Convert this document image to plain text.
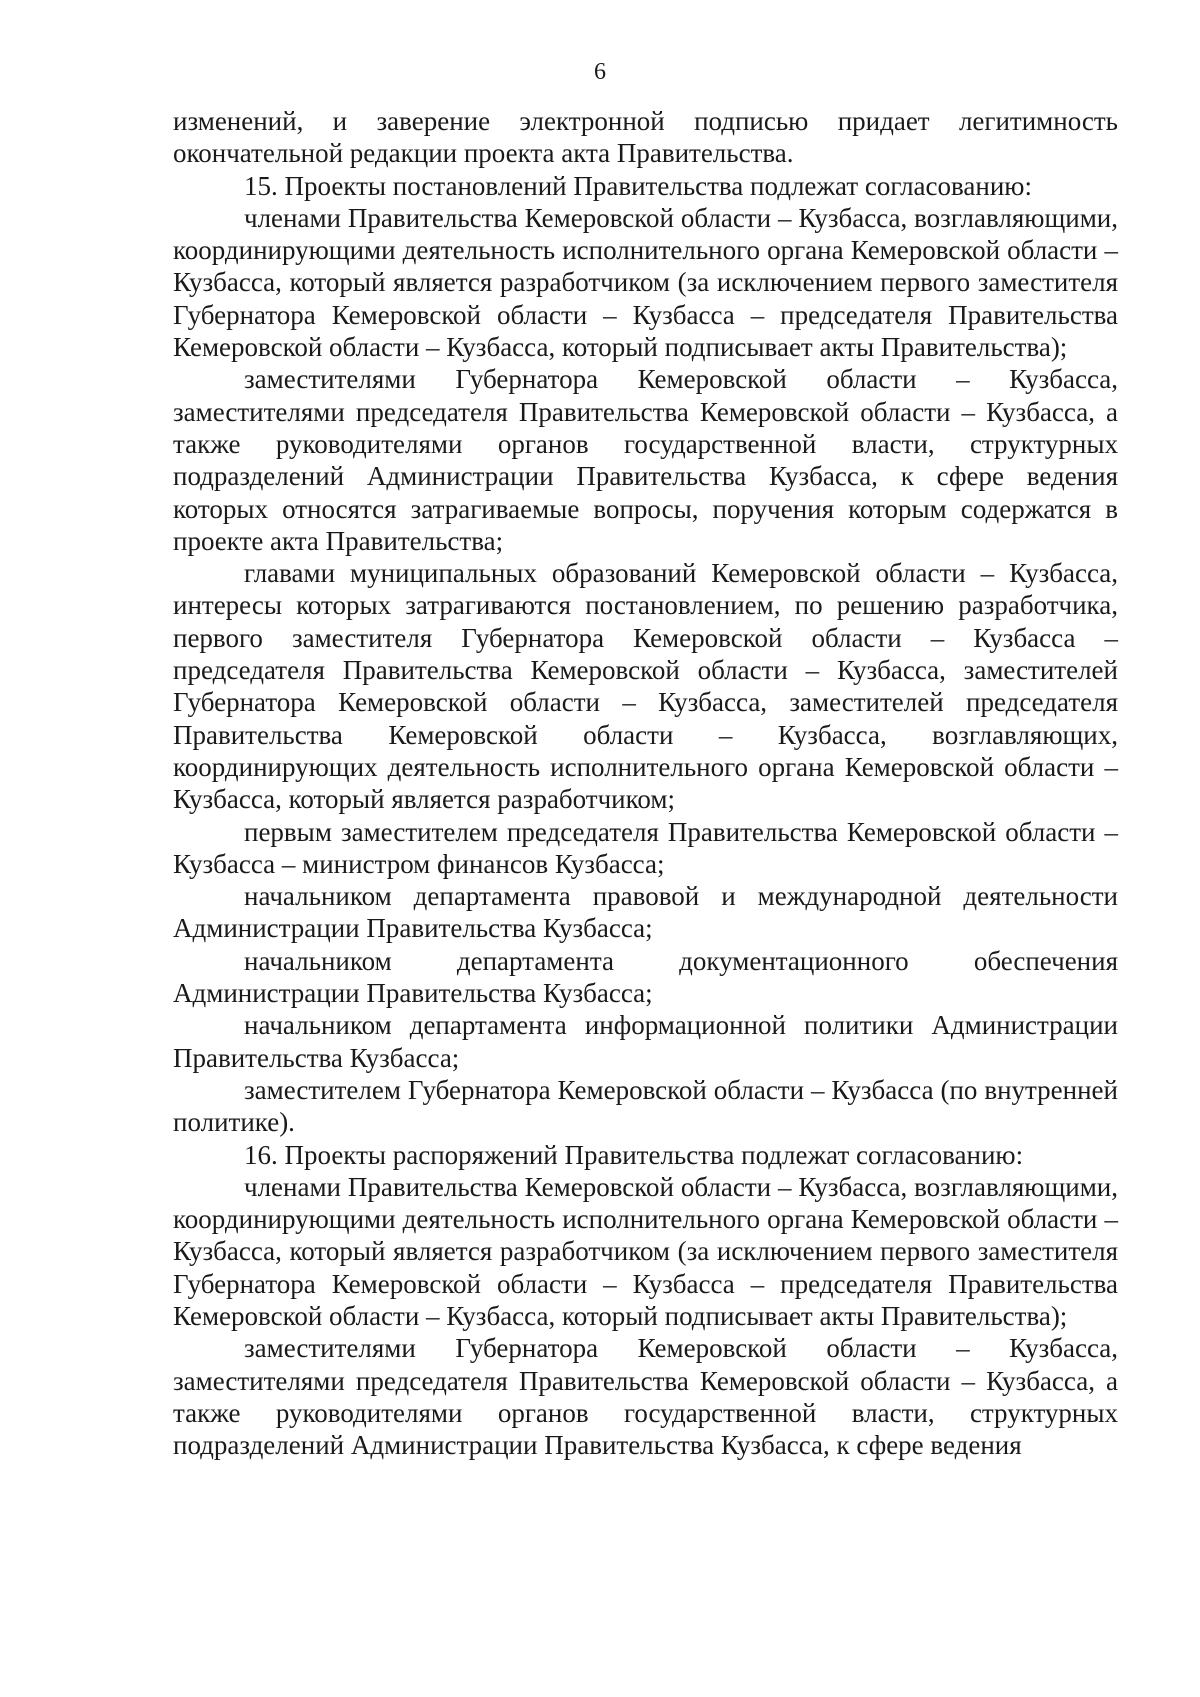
6

изменений, и заверение электронной подписью придает легитимность окончательной редакции проекта акта Правительства.

15. Проекты постановлений Правительства подлежат согласованию:

членами Правительства Кемеровской области – Кузбасса, возглавляющими, координирующими деятельность исполнительного органа Кемеровской области – Кузбасса, который является разработчиком (за исключением первого заместителя Губернатора Кемеровской области – Кузбасса – председателя Правительства Кемеровской области – Кузбасса, который подписывает акты Правительства);

заместителями Губернатора Кемеровской области – Кузбасса, заместителями председателя Правительства Кемеровской области – Кузбасса, а также руководителями органов государственной власти, структурных подразделений Администрации Правительства Кузбасса, к сфере ведения которых относятся затрагиваемые вопросы, поручения которым содержатся в проекте акта Правительства;

главами муниципальных образований Кемеровской области – Кузбасса, интересы которых затрагиваются постановлением, по решению разработчика, первого заместителя Губернатора Кемеровской области – Кузбасса – председателя Правительства Кемеровской области – Кузбасса, заместителей Губернатора Кемеровской области – Кузбасса, заместителей председателя Правительства Кемеровской области – Кузбасса, возглавляющих, координирующих деятельность исполнительного органа Кемеровской области – Кузбасса, который является разработчиком;

первым заместителем председателя Правительства Кемеровской области – Кузбасса – министром финансов Кузбасса;

начальником департамента правовой и международной деятельности Администрации Правительства Кузбасса;

начальником департамента документационного обеспечения Администрации Правительства Кузбасса;

начальником департамента информационной политики Администрации Правительства Кузбасса;

заместителем Губернатора Кемеровской области – Кузбасса (по внутренней политике).

16. Проекты распоряжений Правительства подлежат согласованию:

членами Правительства Кемеровской области – Кузбасса, возглавляющими, координирующими деятельность исполнительного органа Кемеровской области – Кузбасса, который является разработчиком (за исключением первого заместителя Губернатора Кемеровской области – Кузбасса – председателя Правительства Кемеровской области – Кузбасса, который подписывает акты Правительства);

заместителями Губернатора Кемеровской области – Кузбасса, заместителями председателя Правительства Кемеровской области – Кузбасса, а также руководителями органов государственной власти, структурных подразделений Администрации Правительства Кузбасса, к сфере ведения
